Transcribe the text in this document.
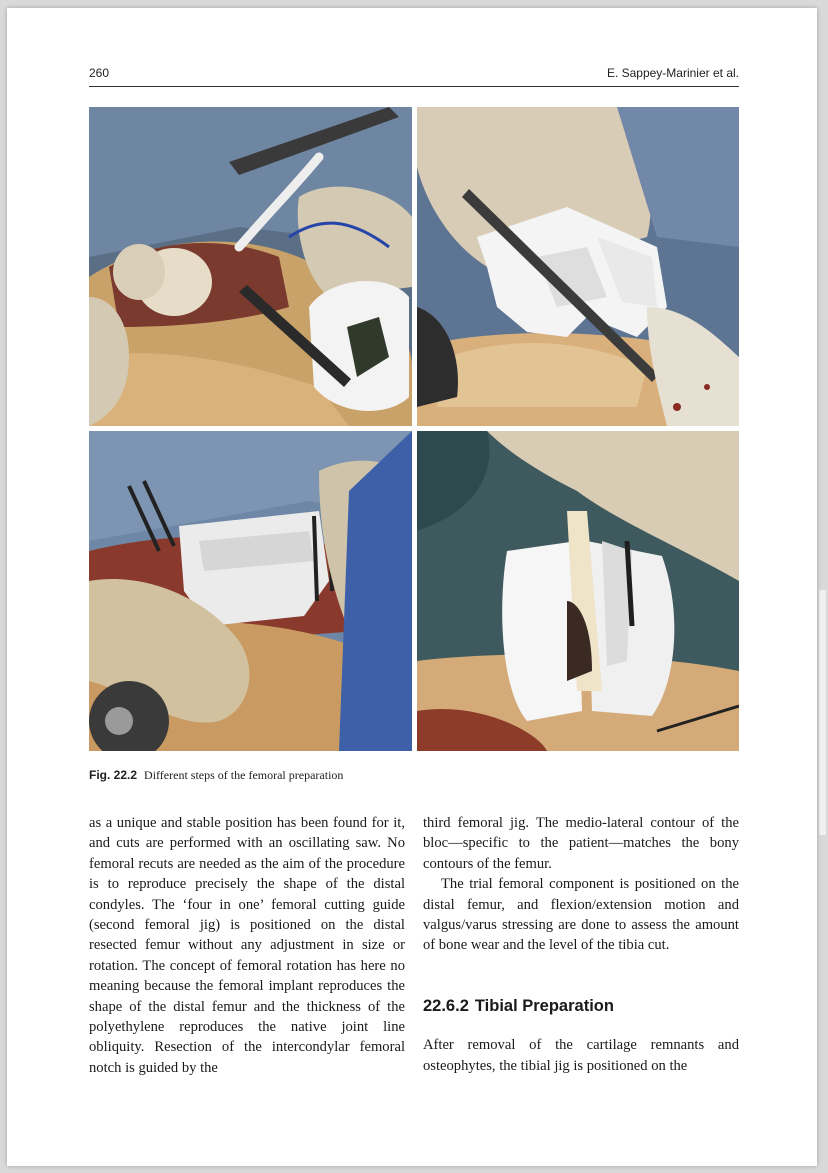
260	E. Sappey-Marinier et al.
Fig. 22.2 Different steps of the femoral preparation

as a unique and stable position has been found for it, and cuts are performed with an oscillating saw. No femoral recuts are needed as the aim of the procedure is to reproduce precisely the shape of the distal condyles. The ‘four in one’ femoral cutting guide (second femoral jig) is positioned on the distal resected femur without any adjustment in size or rotation. The concept of femoral rotation has here no meaning because the femoral implant reproduces the shape of the distal femur and the thickness of the polyethylene reproduces the native joint line obliquity. Resection of the intercondylar femoral notch is guided by the

third femoral jig. The medio-lateral contour of the bloc—specific to the patient—matches the bony contours of the femur.

The trial femoral component is positioned on the distal femur, and flexion/extension motion and valgus/varus stressing are done to assess the amount of bone wear and the level of the tibia cut.

22.6.2 Tibial Preparation

After removal of the cartilage remnants and osteophytes, the tibial jig is positioned on the
